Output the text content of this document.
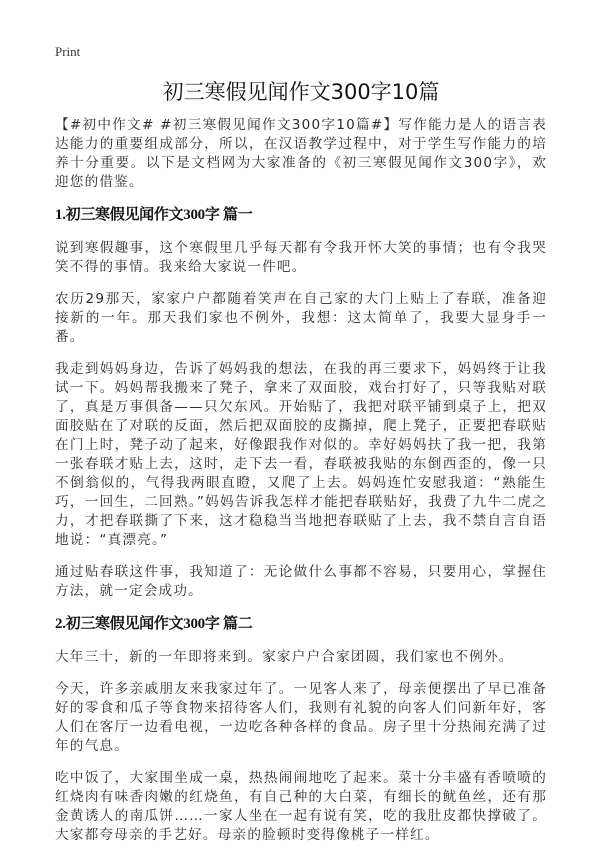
Print
初三寒假见闻作文300字10篇

【#初中作文# #初三寒假见闻作文300字10篇#】写作能力是人的语言表达能力的重要组成部分，所以，在汉语教学过程中，对于学生写作能力的培养十分重要。以下是文档网为大家准备的《初三寒假见闻作文300字》，欢迎您的借鉴。

1.初三寒假见闻作文300字 篇一

说到寒假趣事，这个寒假里几乎每天都有令我开怀大笑的事情；也有令我哭笑不得的事情。我来给大家说一件吧。

农历29那天，家家户户都随着笑声在自己家的大门上贴上了春联，准备迎接新的一年。那天我们家也不例外，我想：这太简单了，我要大显身手一番。

我走到妈妈身边，告诉了妈妈我的想法，在我的再三要求下，妈妈终于让我试一下。妈妈帮我搬来了凳子，拿来了双面胶，戏台打好了，只等我贴对联了，真是万事俱备——只欠东风。开始贴了，我把对联平铺到桌子上，把双面胶贴在了对联的反面，然后把双面胶的皮撕掉，爬上凳子，正要把春联贴在门上时，凳子动了起来，好像跟我作对似的。幸好妈妈扶了我一把，我第一张春联才贴上去，这时，走下去一看，春联被我贴的东倒西歪的，像一只不倒翁似的，气得我两眼直瞪，又爬了上去。妈妈连忙安慰我道：“熟能生巧，一回生，二回熟。”妈妈告诉我怎样才能把春联贴好，我费了九牛二虎之力，才把春联撕了下来，这才稳稳当当地把春联贴了上去，我不禁自言自语地说：“真漂亮。”

通过贴春联这件事，我知道了：无论做什么事都不容易，只要用心，掌握住方法，就一定会成功。

2.初三寒假见闻作文300字 篇二

大年三十，新的一年即将来到。家家户户合家团圆，我们家也不例外。

今天，许多亲戚朋友来我家过年了。一见客人来了，母亲便摆出了早已准备好的零食和瓜子等食物来招待客人们，我则有礼貌的向客人们问新年好，客人们在客厅一边看电视，一边吃各种各样的食品。房子里十分热闹充满了过年的气息。

吃中饭了，大家围坐成一桌，热热闹闹地吃了起来。菜十分丰盛有香喷喷的红烧肉有味香肉嫩的红烧鱼，有自己种的大白菜，有细长的鱿鱼丝，还有那金黄诱人的南瓜饼……一家人坐在一起有说有笑，吃的我肚皮都快撑破了。大家都夸母亲的手艺好。母亲的脸顿时变得像桃子一样红。
